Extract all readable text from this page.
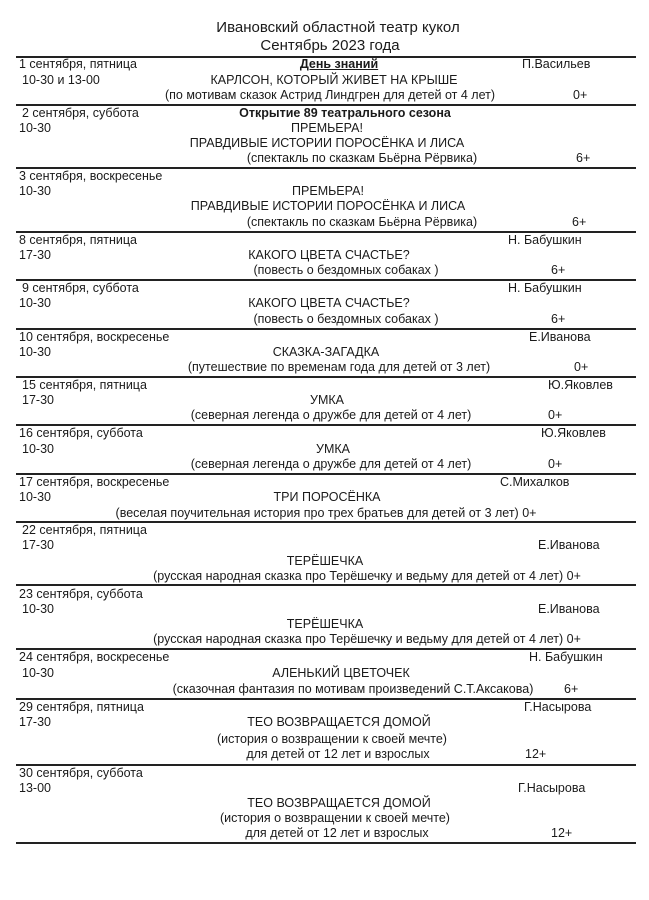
Ивановский областной театр кукол
Сентябрь 2023 года
1 сентября, пятница	День знаний	П.Васильев
10-30 и 13-00	КАРЛСОН, КОТОРЫЙ ЖИВЕТ НА КРЫШЕ
(по мотивам сказок Астрид Линдгрен для детей от 4 лет)	0+
2 сентября, суббота	Открытие 89 театрального сезона
10-30	ПРЕМЬЕРА!
ПРАВДИВЫЕ ИСТОРИИ ПОРОСЁНКА И ЛИСА
(спектакль по сказкам Бьёрна Рёрвика)	6+
3 сентября, воскресенье
10-30	ПРЕМЬЕРА!
ПРАВДИВЫЕ ИСТОРИИ ПОРОСЁНКА И ЛИСА
(спектакль по сказкам Бьёрна Рёрвика)	6+
8 сентября, пятница	Н. Бабушкин
17-30	КАКОГО ЦВЕТА СЧАСТЬЕ?
(повесть о бездомных собаках )	6+
9 сентября, суббота	Н. Бабушкин
10-30	КАКОГО ЦВЕТА СЧАСТЬЕ?
(повесть о бездомных собаках )	6+
10 сентября, воскресенье	Е.Иванова
10-30	СКАЗКА-ЗАГАДКА
(путешествие по временам года для детей от 3 лет)	0+
15 сентября, пятница	Ю.Яковлев
17-30	УМКА
(северная легенда о дружбе для детей от 4 лет)	0+
16 сентября, суббота	Ю.Яковлев
10-30	УМКА
(северная легенда о дружбе для детей от 4 лет)	0+
17 сентября, воскресенье	С.Михалков
10-30	ТРИ ПОРОСЁНКА
(веселая поучительная история про трех братьев для детей от 3 лет) 0+
22 сентября, пятница
17-30	Е.Иванова
ТЕРЁШЕЧКА
(русская народная сказка про Терёшечку и ведьму для детей от 4 лет) 0+
23 сентября, суббота
10-30	Е.Иванова
ТЕРЁШЕЧКА
(русская народная сказка про Терёшечку и ведьму для детей от 4 лет) 0+
24 сентября, воскресенье	Н. Бабушкин
10-30	АЛЕНЬКИЙ ЦВЕТОЧЕК
(сказочная фантазия по мотивам произведений С.Т.Аксакова) 6+
29 сентября, пятница	Г.Насырова
17-30	ТЕО ВОЗВРАЩАЕТСЯ ДОМОЙ
(история о возвращении к своей мечте)
для детей от 12 лет и взрослых	12+
30 сентября, суббота
13-00	Г.Насырова
ТЕО ВОЗВРАЩАЕТСЯ ДОМОЙ
(история о возвращении к своей мечте)
для детей от 12 лет и взрослых	12+
